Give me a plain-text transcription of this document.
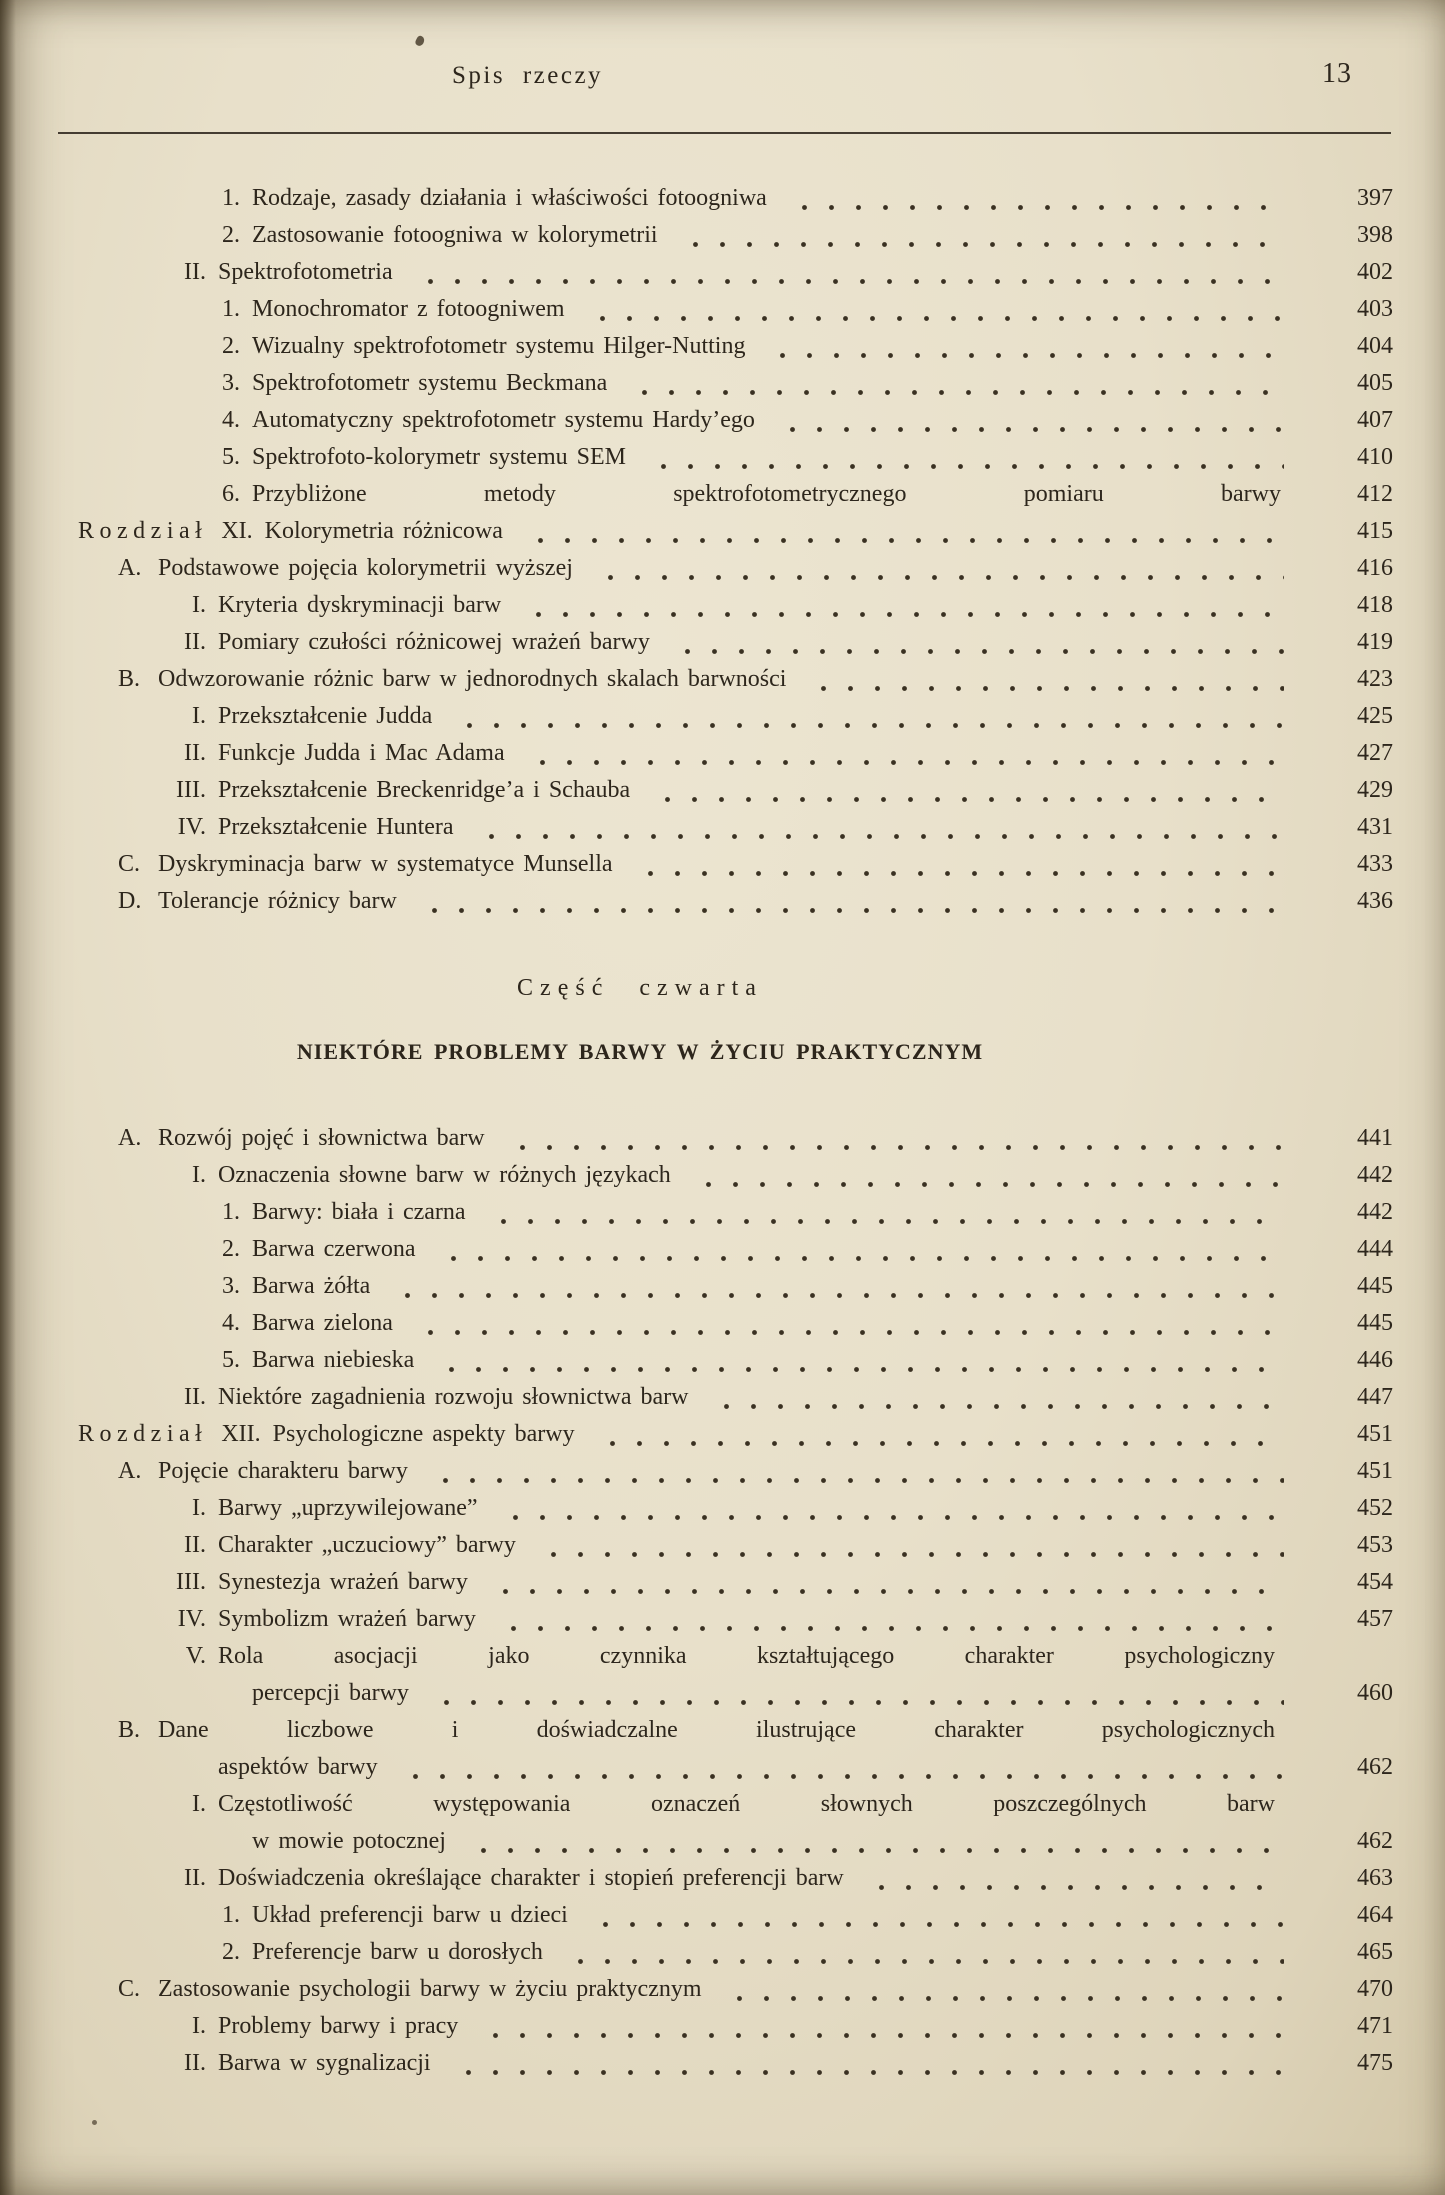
Spis rzeczy	13
1. Rodzaje, zasady działania i właściwości fotoogniwa	397
2. Zastosowanie fotoogniwa w kolorymetrii	398
II. Spektrofotometria	402
1. Monochromator z fotoogniwem	403
2. Wizualny spektrofotometr systemu Hilger-Nutting	404
3. Spektrofotometr systemu Beckmana	405
4. Automatyczny spektrofotometr systemu Hardy’ego	407
5. Spektrofoto-kolorymetr systemu SEM	410
6. Przybliżone metody spektrofotometrycznego pomiaru barwy	412
Rozdział XI. Kolorymetria różnicowa	415
A. Podstawowe pojęcia kolorymetrii wyższej	416
I. Kryteria dyskryminacji barw	418
II. Pomiary czułości różnicowej wrażeń barwy	419
B. Odwzorowanie różnic barw w jednorodnych skalach barwności	423
I. Przekształcenie Judda	425
II. Funkcje Judda i Mac Adama	427
III. Przekształcenie Breckenridge’a i Schauba	429
IV. Przekształcenie Huntera	431
C. Dyskryminacja barw w systematyce Munsella	433
D. Tolerancje różnicy barw	436
Część czwarta
NIEKTÓRE PROBLEMY BARWY W ŻYCIU PRAKTYCZNYM
A. Rozwój pojęć i słownictwa barw	441
I. Oznaczenia słowne barw w różnych językach	442
1. Barwy: biała i czarna	442
2. Barwa czerwona	444
3. Barwa żółta	445
4. Barwa zielona	445
5. Barwa niebieska	446
II. Niektóre zagadnienia rozwoju słownictwa barw	447
Rozdział XII. Psychologiczne aspekty barwy	451
A. Pojęcie charakteru barwy	451
I. Barwy „uprzywilejowane”	452
II. Charakter „uczuciowy” barwy	453
III. Synestezja wrażeń barwy	454
IV. Symbolizm wrażeń barwy	457
V. Rola asocjacji jako czynnika kształtującego charakter psychologiczny
percepcji barwy	460
B. Dane liczbowe i doświadczalne ilustrujące charakter psychologicznych
aspektów barwy	462
I. Częstotliwość występowania oznaczeń słownych poszczególnych barw
w mowie potocznej	462
II. Doświadczenia określające charakter i stopień preferencji barw	463
1. Układ preferencji barw u dzieci	464
2. Preferencje barw u dorosłych	465
C. Zastosowanie psychologii barwy w życiu praktycznym	470
I. Problemy barwy i pracy	471
II. Barwa w sygnalizacji	475
